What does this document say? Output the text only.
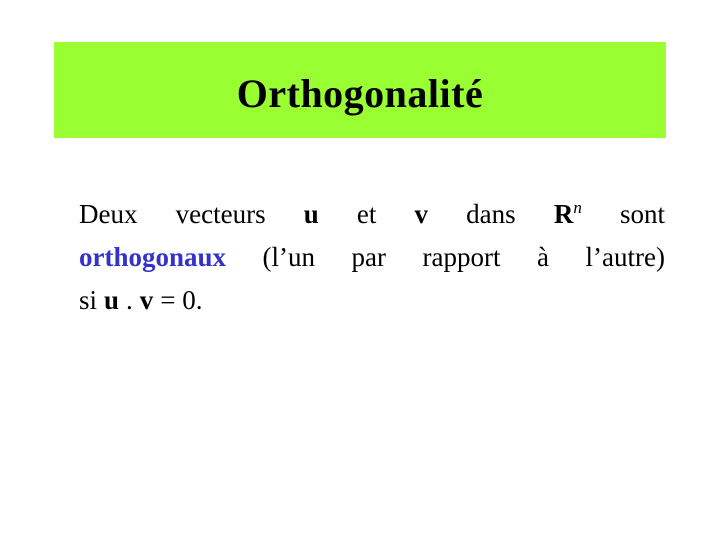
Orthogonalité
Deux vecteurs u et v dans $R^n$ sont
orthogonaux (l’un par rapport à l’autre)
si u . v = 0.
